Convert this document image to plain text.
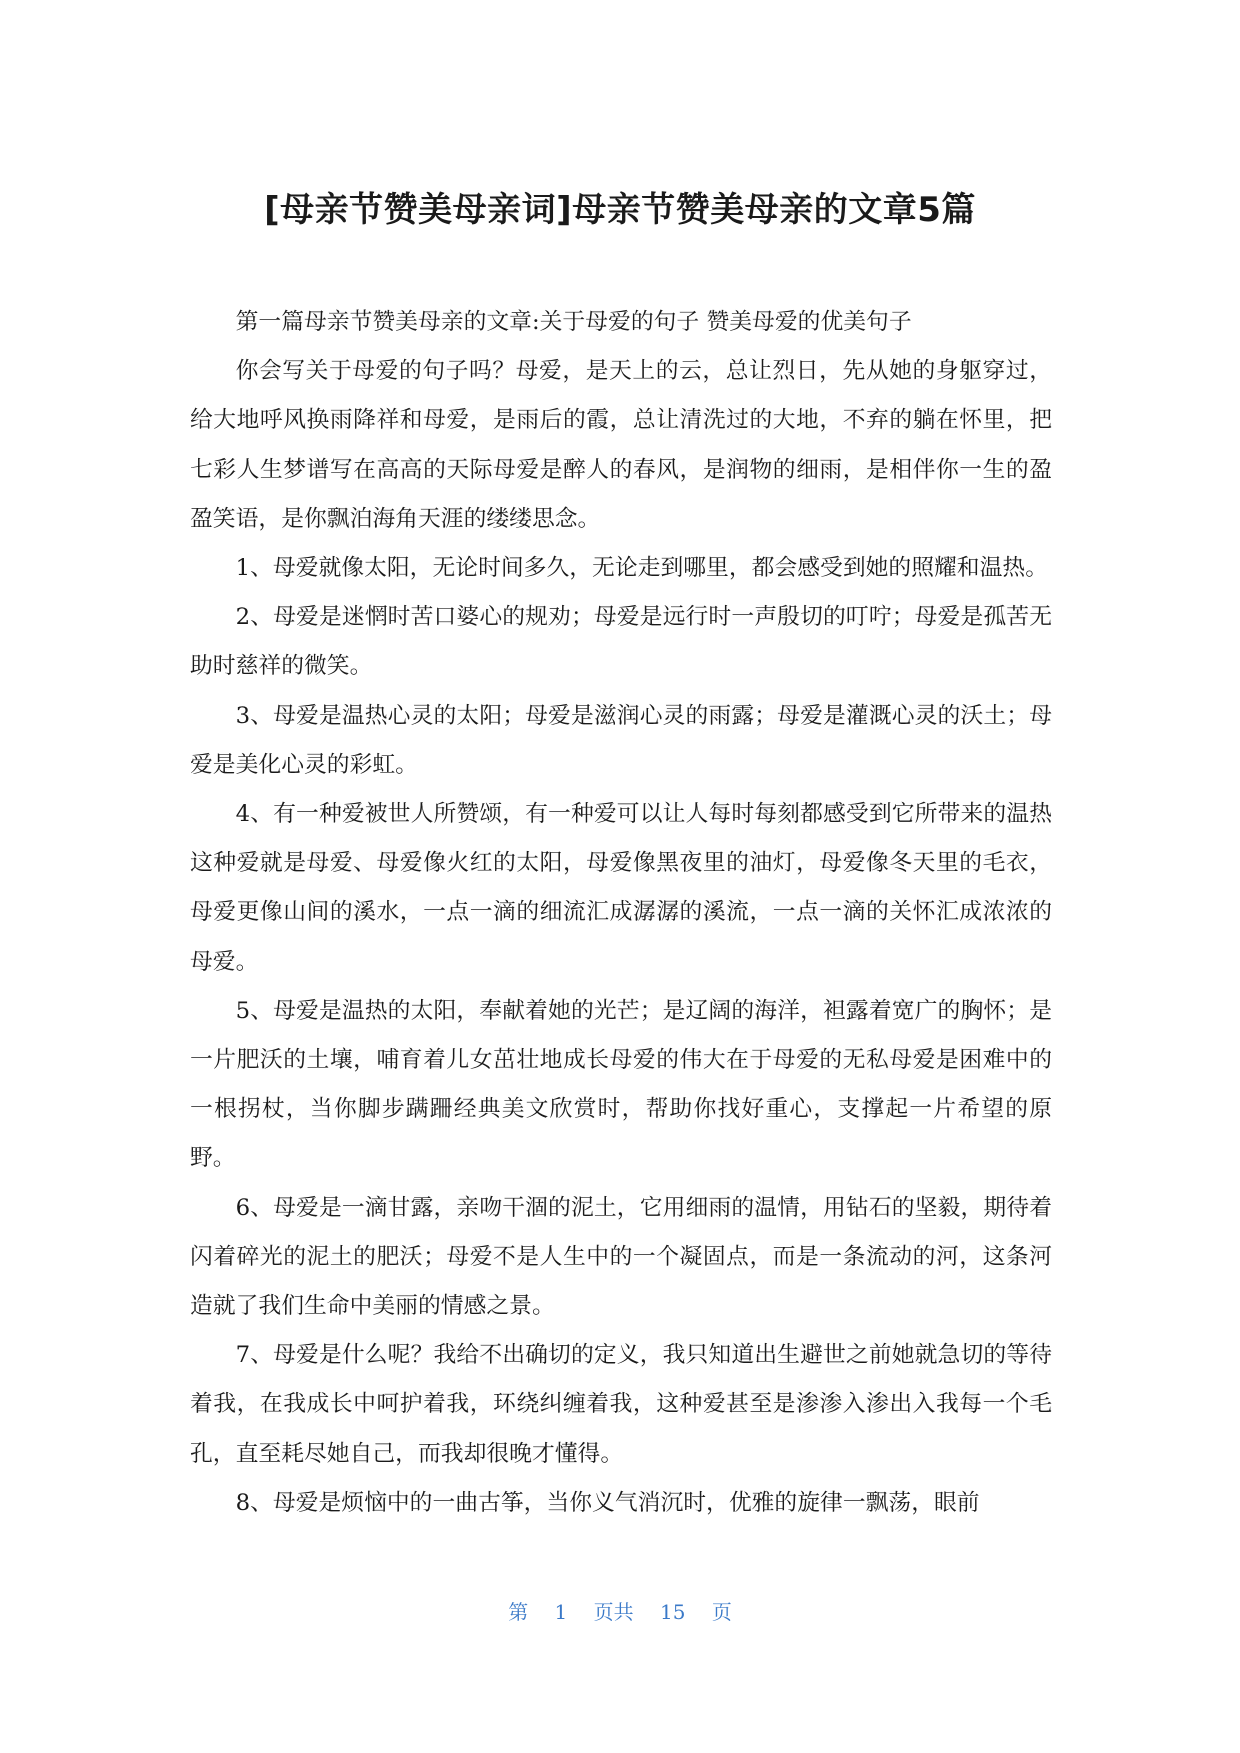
[母亲节赞美母亲词]母亲节赞美母亲的文章5篇

第一篇母亲节赞美母亲的文章:关于母爱的句子 赞美母爱的优美句子

你会写关于母爱的句子吗？母爱，是天上的云，总让烈日，先从她的身躯穿过，给大地呼风换雨降祥和母爱，是雨后的霞，总让清洗过的大地，不弃的躺在怀里，把七彩人生梦谱写在高高的天际母爱是醉人的春风，是润物的细雨，是相伴你一生的盈盈笑语，是你飘泊海角天涯的缕缕思念。

1、母爱就像太阳，无论时间多久，无论走到哪里，都会感受到她的照耀和温热。

2、母爱是迷惘时苦口婆心的规劝；母爱是远行时一声殷切的叮咛；母爱是孤苦无助时慈祥的微笑。

3、母爱是温热心灵的太阳；母爱是滋润心灵的雨露；母爱是灌溉心灵的沃土；母爱是美化心灵的彩虹。

4、有一种爱被世人所赞颂，有一种爱可以让人每时每刻都感受到它所带来的温热这种爱就是母爱、母爱像火红的太阳，母爱像黑夜里的油灯，母爱像冬天里的毛衣，母爱更像山间的溪水，一点一滴的细流汇成潺潺的溪流，一点一滴的关怀汇成浓浓的母爱。

5、母爱是温热的太阳，奉献着她的光芒；是辽阔的海洋，袒露着宽广的胸怀；是一片肥沃的土壤，哺育着儿女茁壮地成长母爱的伟大在于母爱的无私母爱是困难中的一根拐杖，当你脚步蹒跚经典美文欣赏时，帮助你找好重心，支撑起一片希望的原野。

6、母爱是一滴甘露，亲吻干涸的泥土，它用细雨的温情，用钻石的坚毅，期待着闪着碎光的泥土的肥沃；母爱不是人生中的一个凝固点，而是一条流动的河，这条河造就了我们生命中美丽的情感之景。

7、母爱是什么呢？我给不出确切的定义，我只知道出生避世之前她就急切的等待着我，在我成长中呵护着我，环绕纠缠着我，这种爱甚至是渗渗入渗出入我每一个毛孔，直至耗尽她自己，而我却很晚才懂得。

8、母爱是烦恼中的一曲古筝，当你义气消沉时，优雅的旋律一飘荡，眼前

第 1 页共 15 页
